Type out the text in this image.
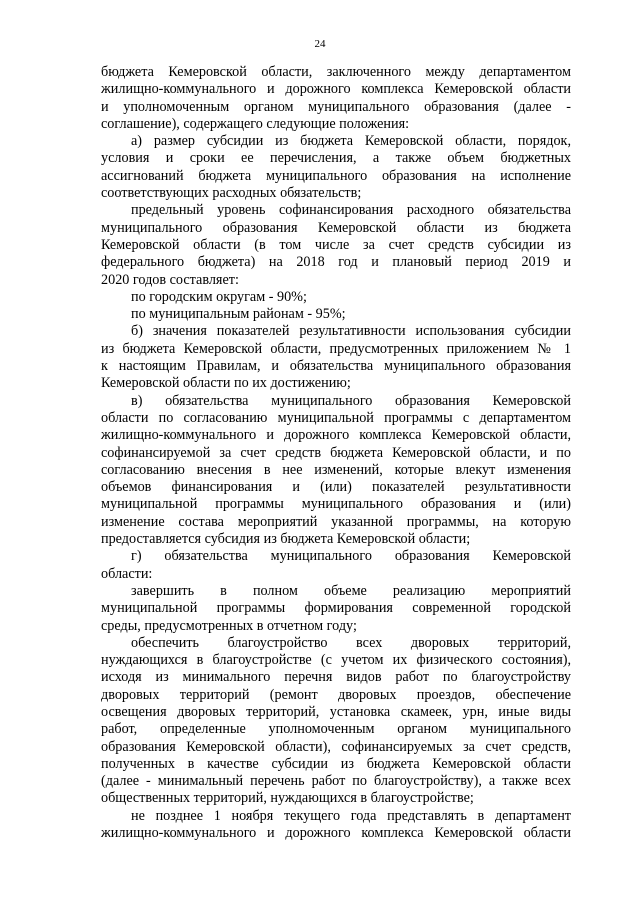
24
бюджета Кемеровской области, заключенного между департаментом
жилищно-коммунального и дорожного комплекса Кемеровской области
и уполномоченным органом муниципального образования (далее -
соглашение), содержащего следующие положения:
а) размер субсидии из бюджета Кемеровской области, порядок,
условия и сроки ее перечисления, а также объем бюджетных
ассигнований бюджета муниципального образования на исполнение
соответствующих расходных обязательств;
предельный уровень софинансирования расходного обязательства
муниципального образования Кемеровской области из бюджета
Кемеровской области (в том числе за счет средств субсидии из
федерального бюджета) на 2018 год и плановый период 2019 и
2020 годов составляет:
по городским округам - 90%;
по муниципальным районам - 95%;
б) значения показателей результативности использования субсидии
из бюджета Кемеровской области, предусмотренных приложением № 1
к настоящим Правилам, и обязательства муниципального образования
Кемеровской области по их достижению;
в) обязательства муниципального образования Кемеровской
области по согласованию муниципальной программы с департаментом
жилищно-коммунального и дорожного комплекса Кемеровской области,
софинансируемой за счет средств бюджета Кемеровской области, и по
согласованию внесения в нее изменений, которые влекут изменения
объемов финансирования и (или) показателей результативности
муниципальной программы муниципального образования и (или)
изменение состава мероприятий указанной программы, на которую
предоставляется субсидия из бюджета Кемеровской области;
г) обязательства муниципального образования Кемеровской
области:
завершить в полном объеме реализацию мероприятий
муниципальной программы формирования современной городской
среды, предусмотренных в отчетном году;
обеспечить благоустройство всех дворовых территорий,
нуждающихся в благоустройстве (с учетом их физического состояния),
исходя из минимального перечня видов работ по благоустройству
дворовых территорий (ремонт дворовых проездов, обеспечение
освещения дворовых территорий, установка скамеек, урн, иные виды
работ, определенные уполномоченным органом муниципального
образования Кемеровской области), софинансируемых за счет средств,
полученных в качестве субсидии из бюджета Кемеровской области
(далее - минимальный перечень работ по благоустройству), а также всех
общественных территорий, нуждающихся в благоустройстве;
не позднее 1 ноября текущего года представлять в департамент
жилищно-коммунального и дорожного комплекса Кемеровской области
